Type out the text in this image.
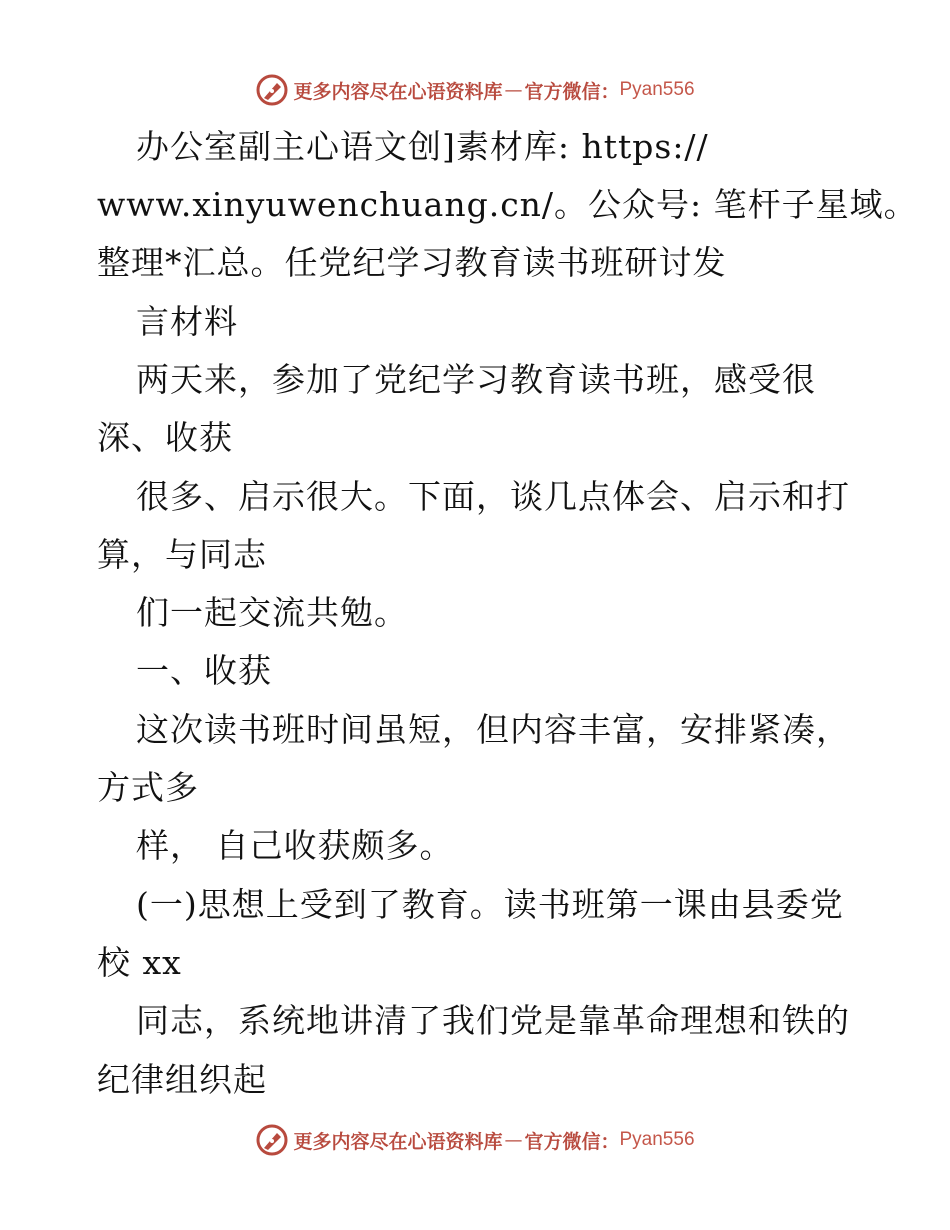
更多内容尽在心语资料库 — 官方微信： Pyan556
办公室副主心语文创]素材库: https://
www.xinyuwenchuang.cn/。公众号: 笔杆子星域。
整理*汇总。任党纪学习教育读书班研讨发
言材料
两天来，参加了党纪学习教育读书班，感受很
深、收获
很多、启示很大。下面，谈几点体会、启示和打
算，与同志
们一起交流共勉。
一、收获
这次读书班时间虽短，但内容丰富，安排紧凑，
方式多
样， 自己收获颇多。
(一)思想上受到了教育。读书班第一课由县委党
校 xx
同志，系统地讲清了我们党是靠革命理想和铁的
纪律组织起
更多内容尽在心语资料库 — 官方微信： Pyan556
